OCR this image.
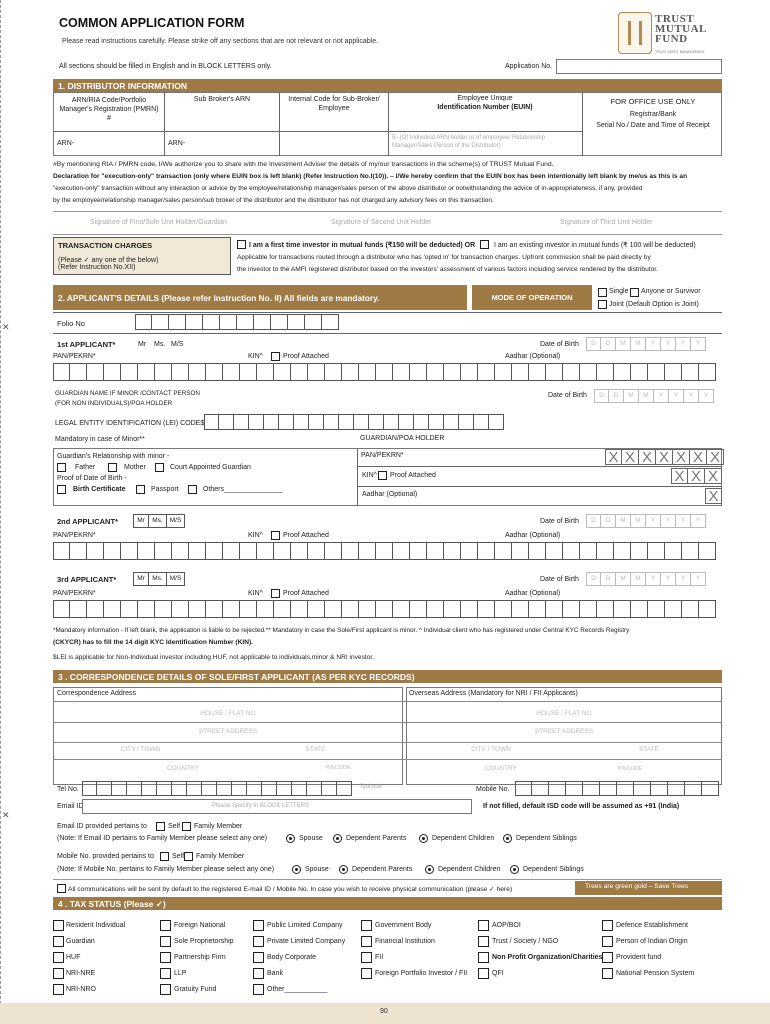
✕
✕
COMMON APPLICATION FORM
Please read instructions carefully. Please strike off any sections that are not relevant or not applicable.
TRUST
MUTUAL
FUND
TRUST ASSET MANAGEMENT
All sections should be filled in English and in BLOCK LETTERS only.	Application No.
1. DISTRIBUTOR INFORMATION
ARN/RIA Code/Portfolio Manager's Registration (PMRN) #
Sub Broker's ARN	Internal Code for Sub-Broker/ Employee
Employee Unique
Identification Number (EUIN)
FOR OFFICE USE ONLY
Registrar/Bank
Serial No./ Date and Time of Receipt
ARN-	ARN-
E- (Of Individual ARN holder or of employee/ Relationship Manager/Sales Person of the Distributor)
#By mentioning RIA / PMRN code, I/We authorize you to share with the Investment Adviser the details of my/our transactions in the scheme(s) of TRUST Mutual Fund.
Declaration for "execution-only" transaction (only where EUIN box is left blank) (Refer Instruction No.I(10)). – I/We hereby confirm that the EUIN box has been intentionally left blank by me/us as this is an
"execution-only" transaction without any interaction or advice by the employee/relationship manager/sales person of the above distributor or notwithstanding the advice of in-appropriateness, if any, provided
by the employee/relationship manager/sales person/sub broker of the distributor and the distributor has not charged any advisory fees on this transaction.
Signature of First/Sole Unit Holder/Guardian	Signature of Second Unit Holder	Signature of Third Unit Holder
TRANSACTION CHARGES
(Please ✓ any one of the below)
(Refer Instruction No.XII)
I am a first time investor in mutual funds (₹150 will be deducted) OR	I am an existing investor in mutual funds (₹ 100 will be deducted)
Applicable for transactions routed through a distributor who has 'opted in' for transaction charges. Upfront commission shall be paid directly by
the investor to the AMFI registered distributor based on the investors' assessment of various factors including service rendered by the distributor.
2. APPLICANT'S DETAILS (Please refer Instruction No. II) All fields are mandatory.	MODE OF OPERATION
Single Anyone or Survivor
Joint (Default Option is Joint)
Folio No
1st APPLICANT*	Mr Ms. M/S	Date of Birth	D	D	M	M	Y	Y	Y	Y
PAN/PEKRN*	KIN^	Proof Attached	Aadhar (Optional)
GUARDIAN NAME IF MINOR /CONTACT PERSON
(FOR NON INDIVIDUALS)/POA HOLDER
Date of Birth	D	D	M	M	Y	Y	Y	Y
LEGAL ENTITY IDENTIFICATION (LEI) CODE$
Mandatory in case of Minor**	GUARDIAN/POA HOLDER
Guardian's Relationship with minor -
Father	Mother	Court Appointed Guardian
Proof of Date of Birth -
Birth Certificate	Passport	Others_______________
PAN/PEKRN*	X X X X X X X
KIN^ Proof Attached	X X X
Aadhar (Optional)	X
2nd APPLICANT*	Mr	Ms.	M/S	Date of Birth	D	D	M	M	Y	Y	Y	Y
PAN/PEKRN*	KIN^	Proof Attached	Aadhar (Optional)
3rd APPLICANT*	Mr	Ms.	M/S	Date of Birth	D	D	M	M	Y	Y	Y	Y
PAN/PEKRN*	KIN^	Proof Attached	Aadhar (Optional)
*Mandatory information - If left blank, the application is liable to be rejected.** Mandatory in case the Sole/First applicant is minor. ^ Individual client who has registered under Central KYC Records Registry
(CKYCR) has to fill the 14 digit KYC Identification Number (KIN).
$LEI is applicable for Non-Individual investor including HUF, not applicable to individuals,minor & NRI investor.
3 . CORRESPONDENCE DETAILS OF SOLE/FIRST APPLICANT (AS PER KYC RECORDS)
Correspondence Address	Overseas Address (Mandatory for NRI / FII Applicants)
HOUSE / FLAT NO	HOUSE / FLAT NO
STREET ADDRESS	STREET ADDRESS
CITY / TOWN	STATE	CITY / TOWN	STATE
COUNTRY	PINCODE	COUNTRY	PINCODE
Tel No.	Stdcode	Mobile No.
Email ID	Please Specify In BLOCK LETTERS	If not filled, default ISD code will be assumed as +91 (India)
Email ID provided pertains to	Self Family Member
(Note: If Email ID pertains to Family Member please select any one)	Spouse	Dependent Parents	Dependent Children	Dependent Siblings
Mobile No. provided pertains to	Self Family Member
(Note: If Mobile No. pertains to Family Member please select any one)	Spouse	Dependent Parents	Dependent Children	Dependent Siblings
All communications will be sent by default to the registered E-mail ID / Mobile No. In case you wish to receive physical communication (please ✓ here)	Trees are green gold – Save Trees
4 . TAX STATUS (Please ✓)
Resident Individual
Guardian
HUF
NRI-NRE
NRI-NRO
Foreign National
Sole Proprietorship
Partnership Firm
LLP
Gratuity Fund
Public Limited Company
Private Limited Company
Body Corporate
Bank
Other___________
Government Body
Financial Institution
FII
Foreign Portfolio Investor / FII
AOP/BOI
Trust / Society / NGO
Non Profit Organization/Charities
QFI
Defence Establishment
Person of Indian Origin
Provident fund
National Pension System
90
